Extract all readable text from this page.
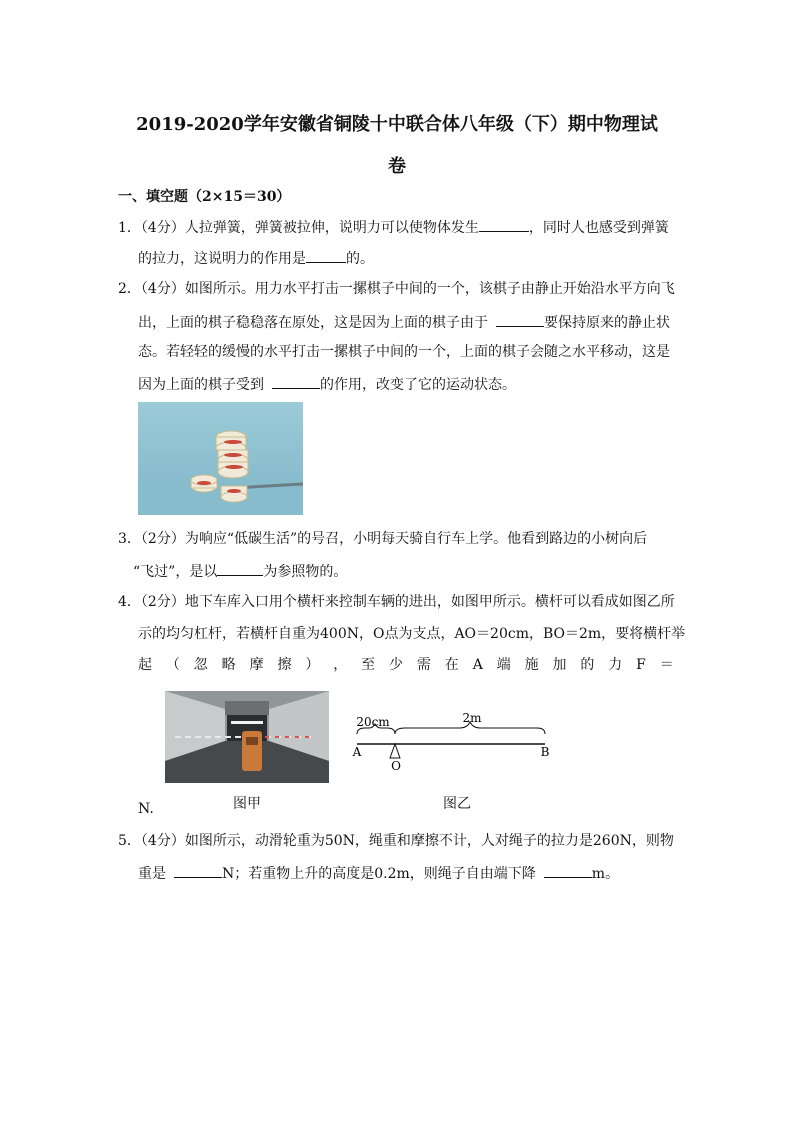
2019-2020学年安徽省铜陵十中联合体八年级（下）期中物理试
卷
一、填空题（2×15＝30）
1．（4分）人拉弹簧，弹簧被拉伸，说明力可以使物体发生	，同时人也感受到弹簧
的拉力，这说明力的作用是	的。
2．（4分）如图所示。用力水平打击一摞棋子中间的一个，该棋子由静止开始沿水平方向飞
出，上面的棋子稳稳落在原处，这是因为上面的棋子由于	要保持原来的静止状
态。若轻轻的缓慢的水平打击一摞棋子中间的一个，上面的棋子会随之水平移动，这是
因为上面的棋子受到	的作用，改变了它的运动状态。
3．（2分）为响应“低碳生活”的号召，小明每天骑自行车上学。他看到路边的小树向后
“飞过”，是以	为参照物的。
4．（2分）地下车库入口用个横杆来控制车辆的进出，如图甲所示。横杆可以看成如图乙所
示的均匀杠杆，若横杆自重为400N，O点为支点，AO＝20cm，BO＝2m，要将横杆举
起 （ 忽 略 摩 擦 ） ， 至 少 需 在 A 端 施 加 的 力 F ＝
20cm	2m
A
O
B
N.	图甲	图乙
5．（4分）如图所示，动滑轮重为50N，绳重和摩擦不计，人对绳子的拉力是260N，则物
重是	N；若重物上升的高度是0.2m，则绳子自由端下降	m。
